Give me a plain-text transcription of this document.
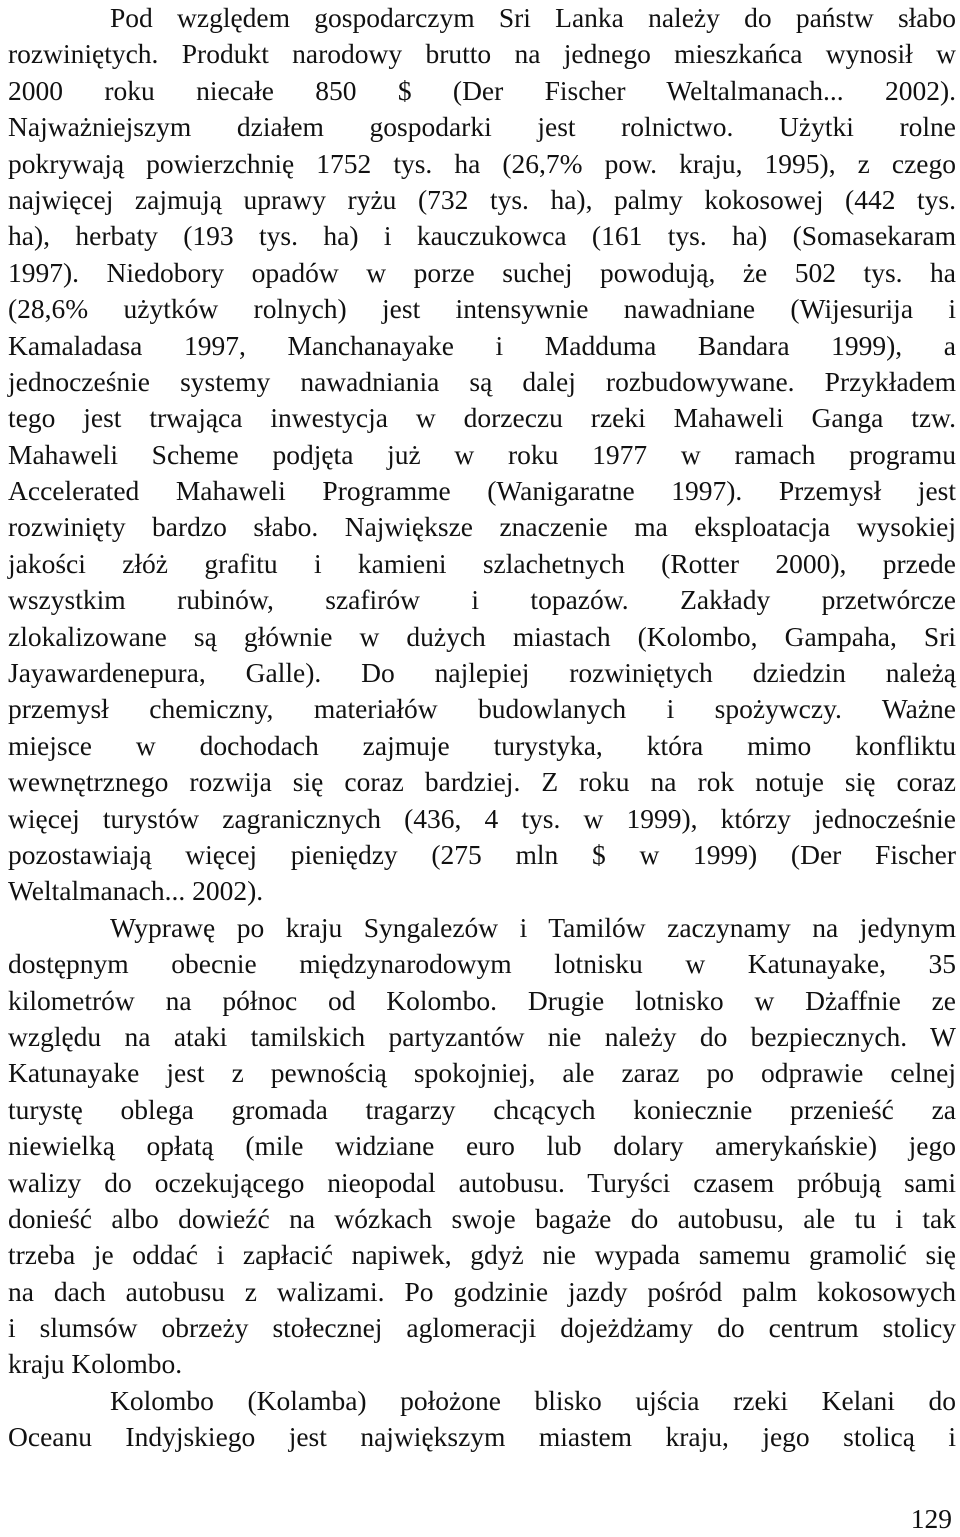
Pod względem gospodarczym Sri Lanka należy do państw słabo
rozwiniętych. Produkt narodowy brutto na jednego mieszkańca wynosił w
2000 roku niecałe 850 $ (Der Fischer Weltalmanach... 2002).
Najważniejszym działem gospodarki jest rolnictwo. Użytki rolne
pokrywają powierzchnię 1752 tys. ha (26,7% pow. kraju, 1995), z czego
najwięcej zajmują uprawy ryżu (732 tys. ha), palmy kokosowej (442 tys.
ha), herbaty (193 tys. ha) i kauczukowca (161 tys. ha) (Somasekaram
1997). Niedobory opadów w porze suchej powodują, że 502 tys. ha
(28,6% użytków rolnych) jest intensywnie nawadniane (Wijesurija i
Kamaladasa 1997, Manchanayake i Madduma Bandara 1999), a
jednocześnie systemy nawadniania są dalej rozbudowywane. Przykładem
tego jest trwająca inwestycja w dorzeczu rzeki Mahaweli Ganga tzw.
Mahaweli Scheme podjęta już w roku 1977 w ramach programu
Accelerated Mahaweli Programme (Wanigaratne 1997). Przemysł jest
rozwinięty bardzo słabo. Największe znaczenie ma eksploatacja wysokiej
jakości złóż grafitu i kamieni szlachetnych (Rotter 2000), przede
wszystkim rubinów, szafirów i topazów. Zakłady przetwórcze
zlokalizowane są głównie w dużych miastach (Kolombo, Gampaha, Sri
Jayawardenepura, Galle). Do najlepiej rozwiniętych dziedzin należą
przemysł chemiczny, materiałów budowlanych i spożywczy. Ważne
miejsce w dochodach zajmuje turystyka, która mimo konfliktu
wewnętrznego rozwija się coraz bardziej. Z roku na rok notuje się coraz
więcej turystów zagranicznych (436, 4 tys. w 1999), którzy jednocześnie
pozostawiają więcej pieniędzy (275 mln $ w 1999) (Der Fischer
Weltalmanach... 2002).
Wyprawę po kraju Syngalezów i Tamilów zaczynamy na jedynym
dostępnym obecnie międzynarodowym lotnisku w Katunayake, 35
kilometrów na północ od Kolombo. Drugie lotnisko w Dżaffnie ze
względu na ataki tamilskich partyzantów nie należy do bezpiecznych. W
Katunayake jest z pewnością spokojniej, ale zaraz po odprawie celnej
turystę oblega gromada tragarzy chcących koniecznie przenieść za
niewielką opłatą (mile widziane euro lub dolary amerykańskie) jego
walizy do oczekującego nieopodal autobusu. Turyści czasem próbują sami
donieść albo dowieźć na wózkach swoje bagaże do autobusu, ale tu i tak
trzeba je oddać i zapłacić napiwek, gdyż nie wypada samemu gramolić się
na dach autobusu z walizami. Po godzinie jazdy pośród palm kokosowych
i slumsów obrzeży stołecznej aglomeracji dojeżdżamy do centrum stolicy
kraju Kolombo.
Kolombo (Kolamba) położone blisko ujścia rzeki Kelani do
Oceanu Indyjskiego jest największym miastem kraju, jego stolicą i
129
